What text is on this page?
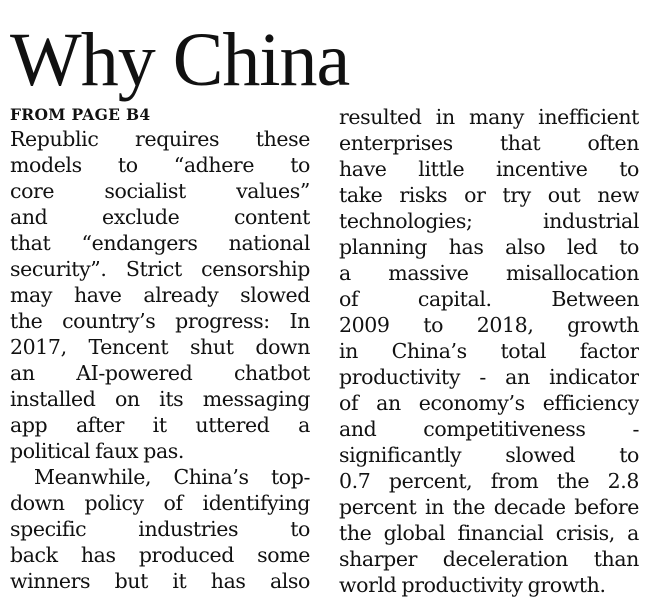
Why China
FROM PAGE B4
Republic requires these
models to “adhere to
core socialist values”
and exclude content
that “endangers national
security”. Strict censorship
may have already slowed
the country’s progress: In
2017, Tencent shut down
an AI-powered chatbot
installed on its messaging
app after it uttered a
political faux pas.
Meanwhile, China’s top-
down policy of identifying
specific industries to
back has produced some
winners but it has also
resulted in many inefficient
enterprises that often
have little incentive to
take risks or try out new
technologies; industrial
planning has also led to
a massive misallocation
of capital. Between
2009 to 2018, growth
in China’s total factor
productivity - an indicator
of an economy’s efficiency
and competitiveness -
significantly slowed to
0.7 percent, from the 2.8
percent in the decade before
the global financial crisis, a
sharper deceleration than
world productivity growth.
